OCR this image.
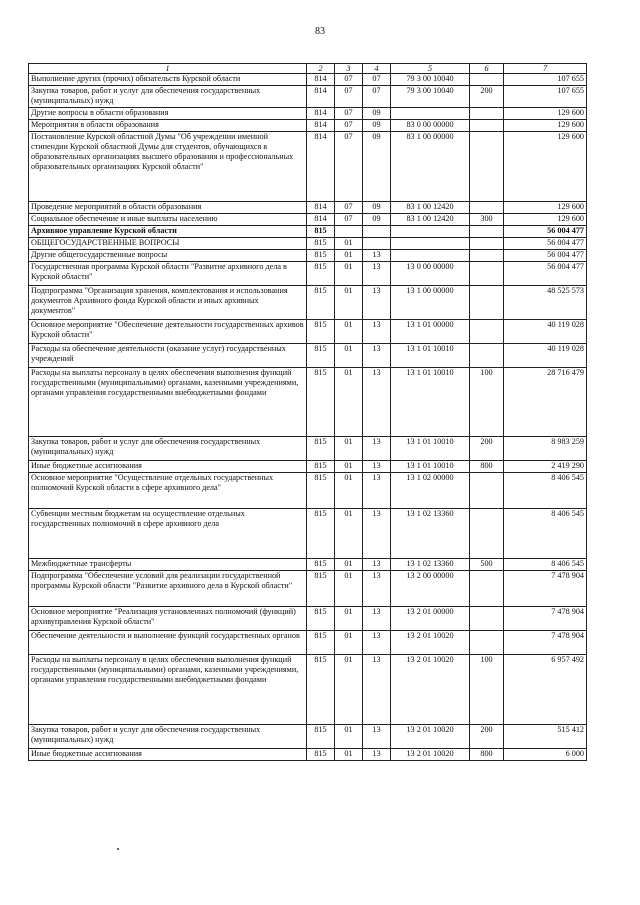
83
1	2	3	4	5	6	7
Выполнение других (прочих) обязательств Курской области	814	07	07	79 3 00 10040		107 655
Закупка товаров, работ и услуг для обеспечения государственных (муниципальных) нужд	814	07	07	79 3 00 10040	200	107 655
Другие вопросы в области образования	814	07	09			129 600
Мероприятия в области образования	814	07	09	83 0 00 00000		129 600
Постановление Курской областной Думы "Об учреждении именной стипендии Курской областной Думы для студентов, обучающихся в образовательных организациях высшего образования и профессиональных образовательных организациях Курской области"	814	07	09	83 1 00 00000		129 600
Проведение мероприятий в области образования	814	07	09	83 1 00 12420		129 600
Социальное обеспечение и иные выплаты населению	814	07	09	83 1 00 12420	300	129 600
Архивное управление Курской области	815					56 004 477
ОБЩЕГОСУДАРСТВЕННЫЕ ВОПРОСЫ	815	01				56 004 477
Другие общегосударственные вопросы	815	01	13			56 004 477
Государственная программа Курской области "Развитие архивного дела в Курской области"	815	01	13	13 0 00 00000		56 004 477
Подпрограмма "Организация хранения, комплектования и использования документов Архивного фонда Курской области и иных архивных документов"	815	01	13	13 1 00 00000		48 525 573
Основное мероприятие "Обеспечение деятельности государственных архивов Курской области"	815	01	13	13 1 01 00000		40 119 028
Расходы на обеспечение деятельности (оказание услуг) государственных учреждений	815	01	13	13 1 01 10010		40 119 028
Расходы на выплаты персоналу в целях обеспечения выполнения функций государственными (муниципальными) органами, казенными учреждениями, органами управления государственными внебюджетными фондами	815	01	13	13 1 01 10010	100	28 716 479
Закупка товаров, работ и услуг для обеспечения государственных (муниципальных) нужд	815	01	13	13 1 01 10010	200	8 983 259
Иные бюджетные ассигнования	815	01	13	13 1 01 10010	800	2 419 290
Основное мероприятие "Осуществление отдельных государственных полномочий Курской области в сфере архивного дела"	815	01	13	13 1 02 00000		8 406 545
Субвенции местным бюджетам на осуществление отдельных государственных полномочий в сфере архивного дела	815	01	13	13 1 02 13360		8 406 545
Межбюджетные трансферты	815	01	13	13 1 02 13360	500	8 406 545
Подпрограмма "Обеспечение условий для реализации государственной программы Курской области "Развитие архивного дела в Курской области"	815	01	13	13 2 00 00000		7 478 904
Основное мероприятие "Реализация установленных полномочий (функций) архивуправления Курской области"	815	01	13	13 2 01 00000		7 478 904
Обеспечение деятельности и выполнение функций государственных органов	815	01	13	13 2 01 10020		7 478 904
Расходы на выплаты персоналу в целях обеспечения выполнения функций государственными (муниципальными) органами, казенными учреждениями, органами управления государственными внебюджетными фондами	815	01	13	13 2 01 10020	100	6 957 492
Закупка товаров, работ и услуг для обеспечения государственных (муниципальных) нужд	815	01	13	13 2 01 10020	200	515 412
Иные бюджетные ассигнования	815	01	13	13 2 01 10020	800	6 000
